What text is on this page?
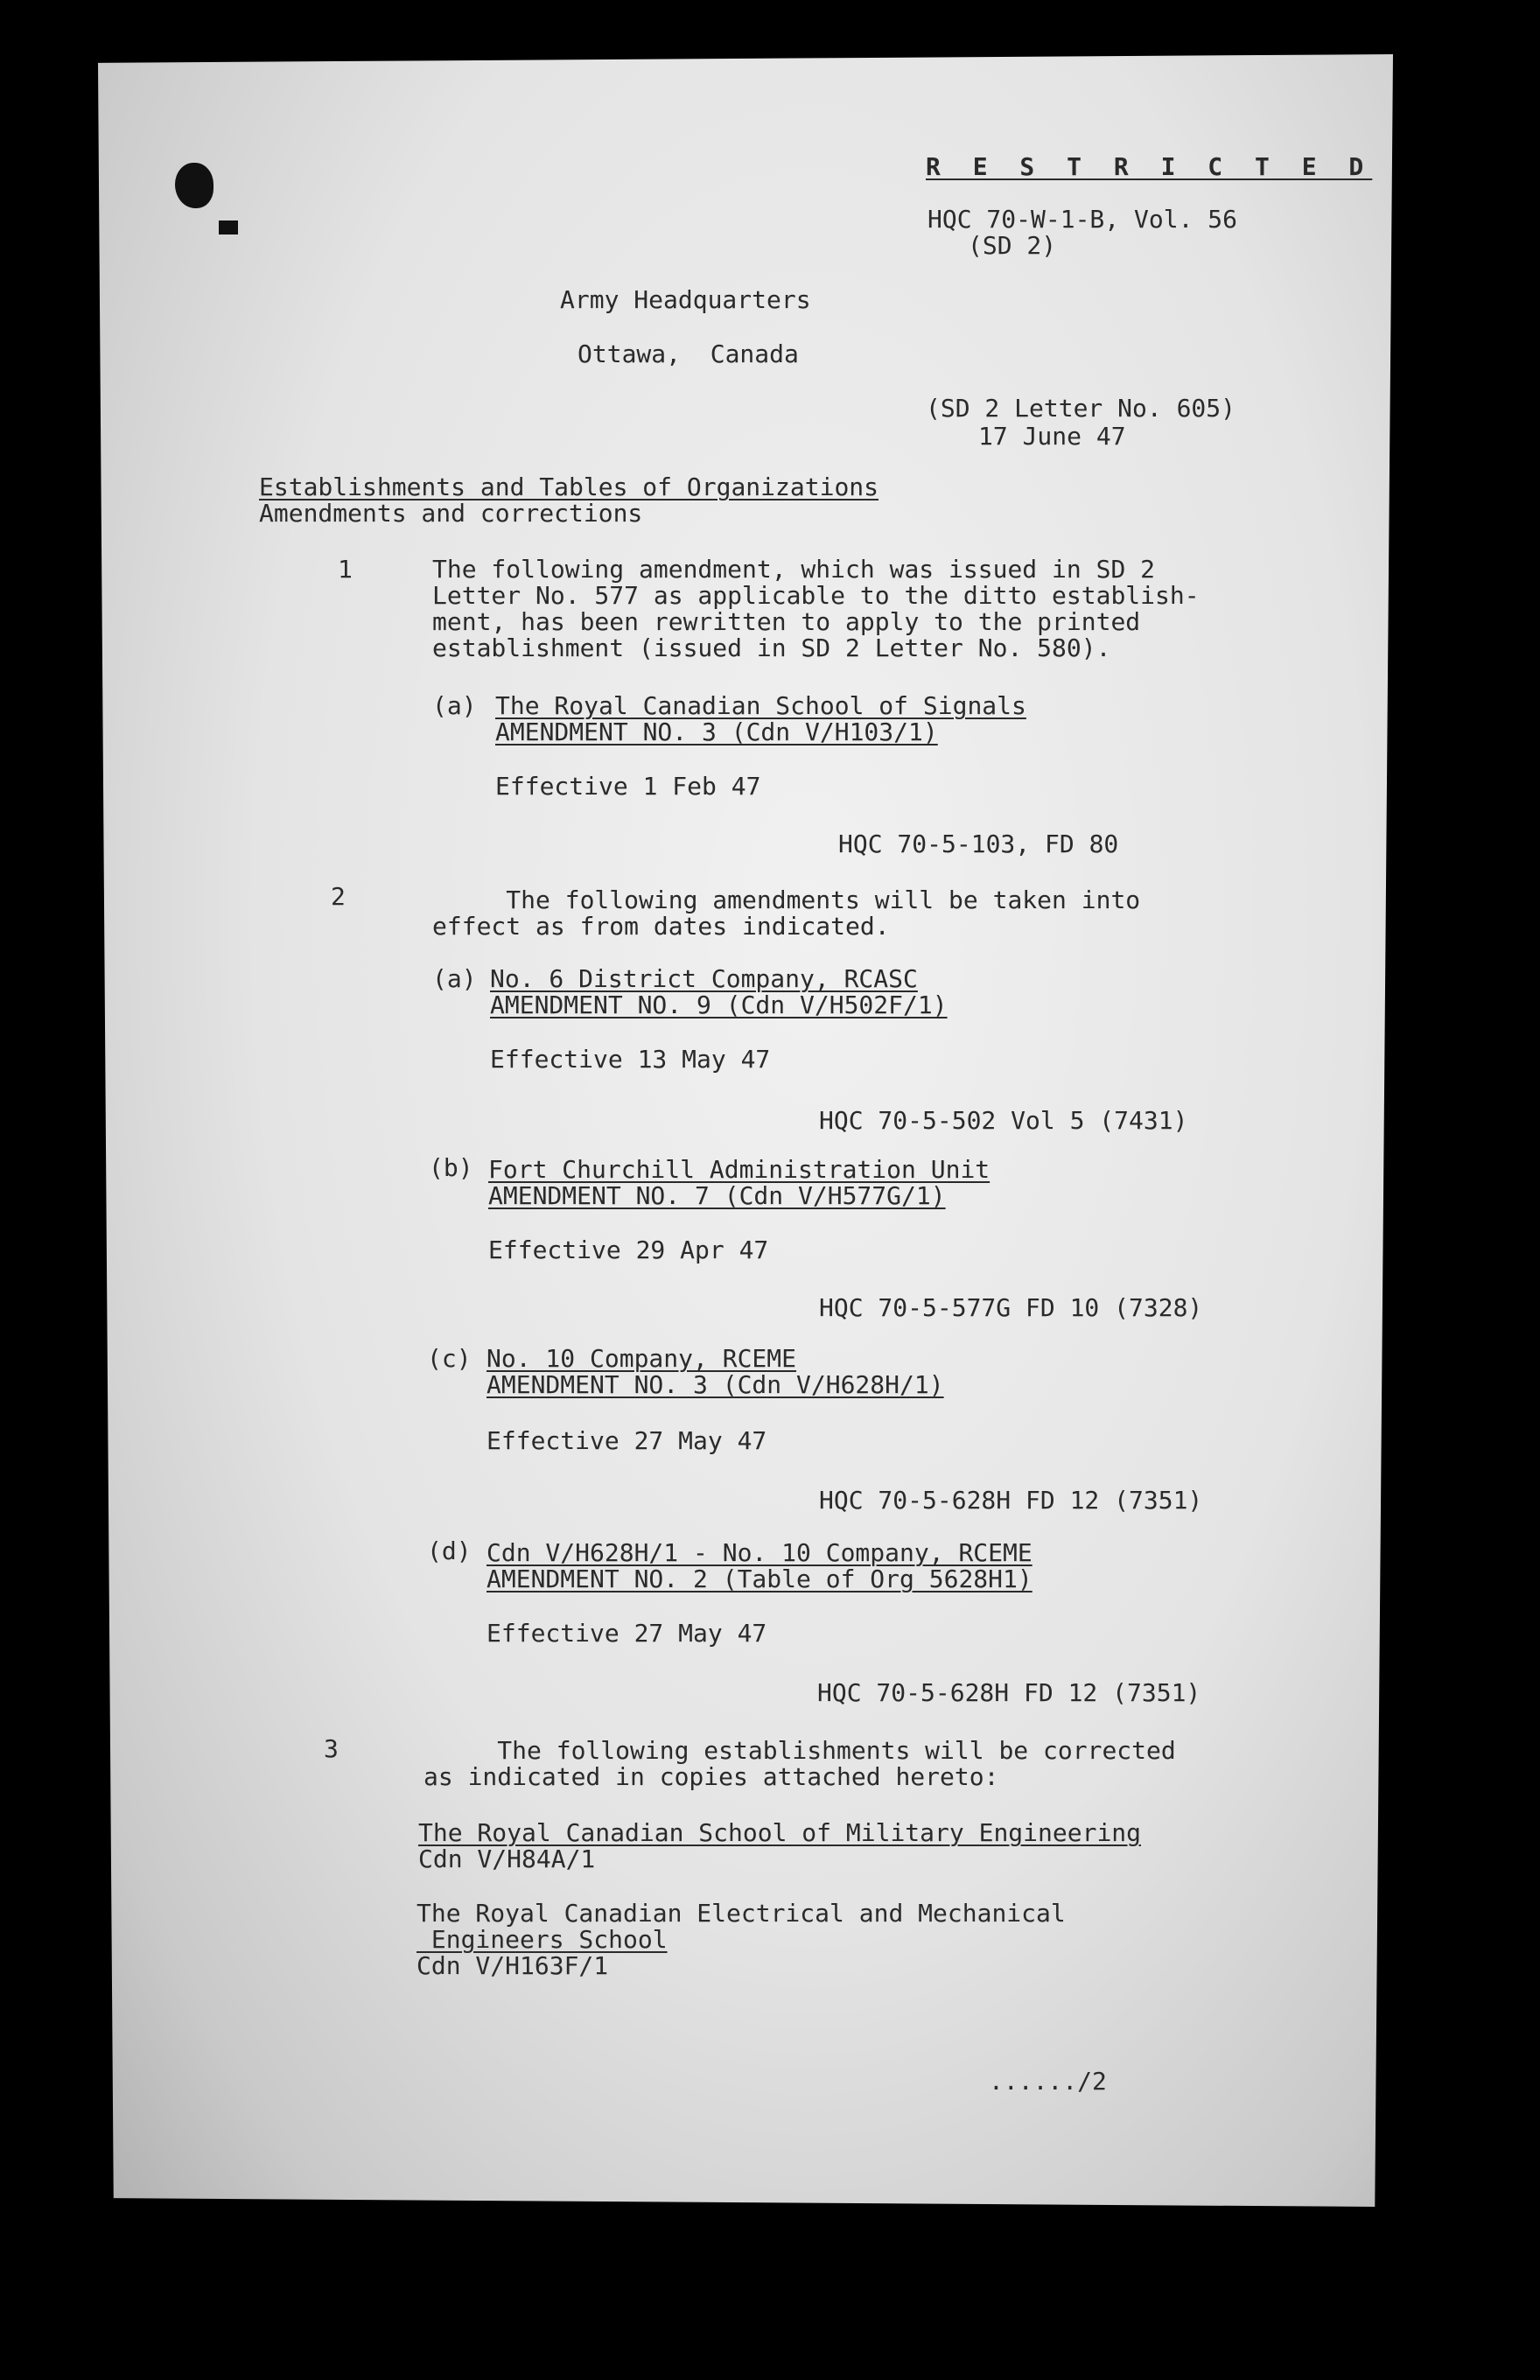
R E S T R I C T E D
HQC 70-W-1-B, Vol. 56
(SD 2)
Army Headquarters
Ottawa,  Canada
(SD 2 Letter No. 605)
17 June 47
Establishments and Tables of Organizations
Amendments and corrections
1	The following amendment, which was issued in SD 2
Letter No. 577 as applicable to the ditto establish-
ment, has been rewritten to apply to the printed
establishment (issued in SD 2 Letter No. 580).
(a) The Royal Canadian School of Signals
AMENDMENT NO. 3 (Cdn V/H103/1)
Effective 1 Feb 47
HQC 70-5-103, FD 80
2	The following amendments will be taken into
effect as from dates indicated.
(a) No. 6 District Company, RCASC
AMENDMENT NO. 9 (Cdn V/H502F/1)
Effective 13 May 47
HQC 70-5-502 Vol 5 (7431)
(b) Fort Churchill Administration Unit
AMENDMENT NO. 7 (Cdn V/H577G/1)
Effective 29 Apr 47
HQC 70-5-577G FD 10 (7328)
(c) No. 10 Company, RCEME
AMENDMENT NO. 3 (Cdn V/H628H/1)
Effective 27 May 47
HQC 70-5-628H FD 12 (7351)
(d) Cdn V/H628H/1 - No. 10 Company, RCEME
AMENDMENT NO. 2 (Table of Org 5628H1)
Effective 27 May 47
HQC 70-5-628H FD 12 (7351)
3	The following establishments will be corrected
as indicated in copies attached hereto:
The Royal Canadian School of Military Engineering
Cdn V/H84A/1
The Royal Canadian Electrical and Mechanical
Engineers School
Cdn V/H163F/1
....../2
